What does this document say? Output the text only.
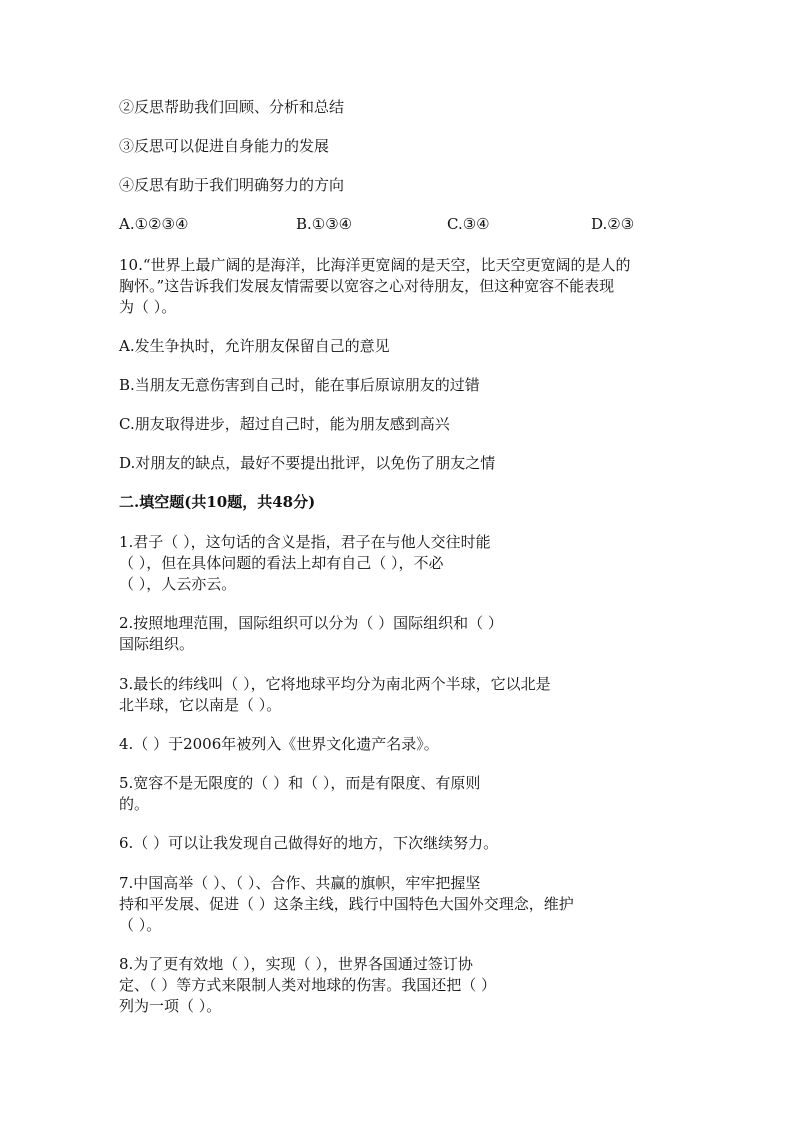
②反思帮助我们回顾、分析和总结
③反思可以促进自身能力的发展
④反思有助于我们明确努力的方向
A.①②③④	B.①③④	C.③④	D.②③
10.“世界上最广阔的是海洋，比海洋更宽阔的是天空，比天空更宽阔的是人的
胸怀。”这告诉我们发展友情需要以宽容之心对待朋友，但这种宽容不能表现
为（ ）。
A.发生争执时，允许朋友保留自己的意见
B.当朋友无意伤害到自己时，能在事后原谅朋友的过错
C.朋友取得进步，超过自己时，能为朋友感到高兴
D.对朋友的缺点，最好不要提出批评，以免伤了朋友之情
二.填空题(共10题，共48分)
1.君子（ ），这句话的含义是指，君子在与他人交往时能
（ ），但在具体问题的看法上却有自己（ ），不必
（ ），人云亦云。
2.按照地理范围，国际组织可以分为（ ）国际组织和（ ）
国际组织。
3.最长的纬线叫（ ），它将地球平均分为南北两个半球，它以北是
北半球，它以南是（ ）。
4.（ ）于2006年被列入《世界文化遗产名录》。
5.宽容不是无限度的（ ）和（ ），而是有限度、有原则
的。
6.（ ）可以让我发现自己做得好的地方，下次继续努力。
7.中国高举（ ）、（ ）、合作、共赢的旗帜，牢牢把握坚
持和平发展、促进（ ）这条主线，践行中国特色大国外交理念，维护
（ ）。
8.为了更有效地（ ），实现（ ），世界各国通过签订协
定、（ ）等方式来限制人类对地球的伤害。我国还把（ ）
列为一项（ ）。
